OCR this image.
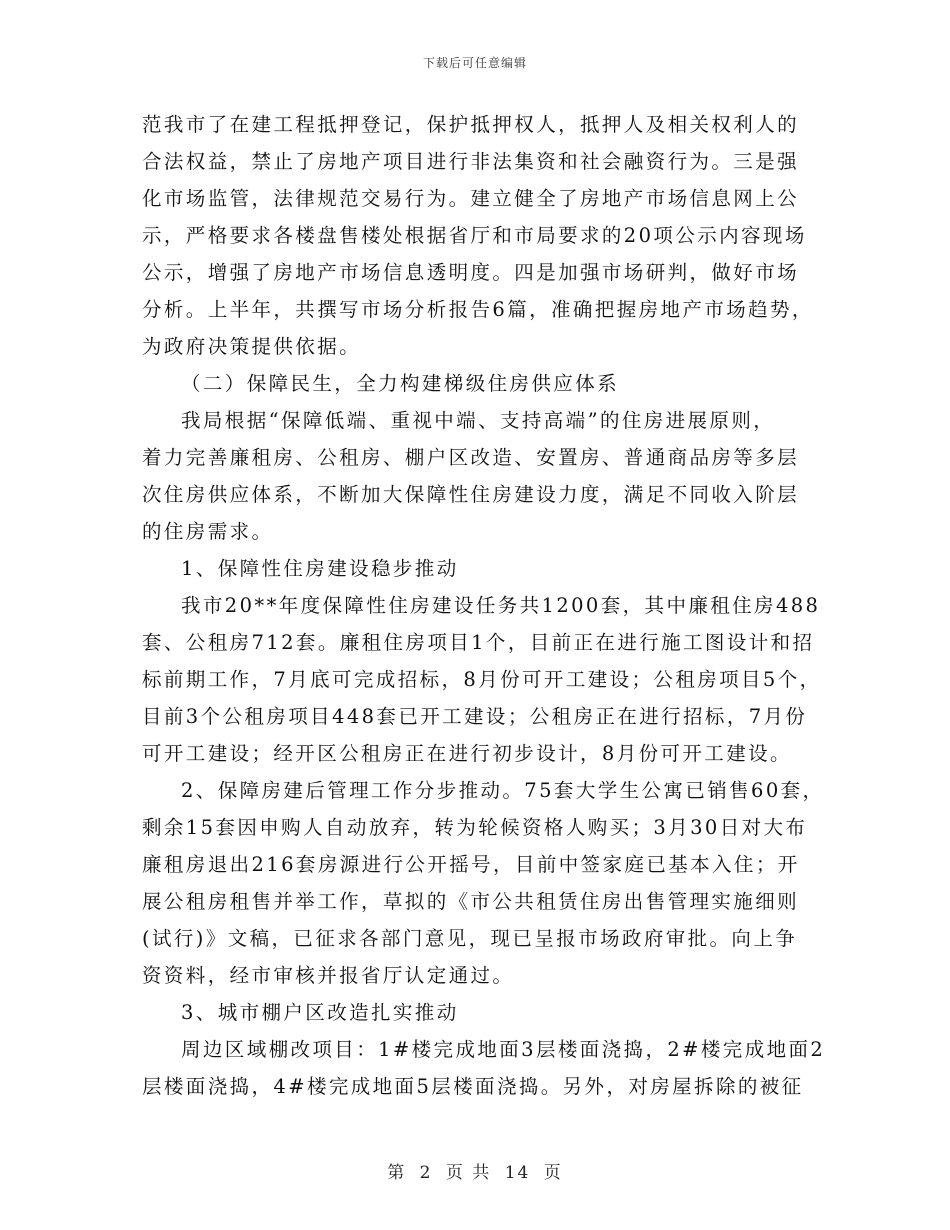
下载后可任意编辑

范我市了在建工程抵押登记，保护抵押权人，抵押人及相关权利人的
合法权益，禁止了房地产项目进行非法集资和社会融资行为。三是强
化市场监管，法律规范交易行为。建立健全了房地产市场信息网上公
示，严格要求各楼盘售楼处根据省厅和市局要求的20项公示内容现场
公示，增强了房地产市场信息透明度。四是加强市场研判，做好市场
分析。上半年，共撰写市场分析报告6篇，准确把握房地产市场趋势，
为政府决策提供依据。

（二）保障民生，全力构建梯级住房供应体系

我局根据“保障低端、重视中端、支持高端”的住房进展原则，
着力完善廉租房、公租房、棚户区改造、安置房、普通商品房等多层
次住房供应体系，不断加大保障性住房建设力度，满足不同收入阶层
的住房需求。

1、保障性住房建设稳步推动

我市20**年度保障性住房建设任务共1200套，其中廉租住房488
套、公租房712套。廉租住房项目1个，目前正在进行施工图设计和招
标前期工作，7月底可完成招标，8月份可开工建设；公租房项目5个，
目前3个公租房项目448套已开工建设；公租房正在进行招标，7月份
可开工建设；经开区公租房正在进行初步设计，8月份可开工建设。

2、保障房建后管理工作分步推动。75套大学生公寓已销售60套，
剩余15套因申购人自动放弃，转为轮候资格人购买；3月30日对大布
廉租房退出216套房源进行公开摇号，目前中签家庭已基本入住；开
展公租房租售并举工作，草拟的《市公共租赁住房出售管理实施细则
(试行)》文稿，已征求各部门意见，现已呈报市场政府审批。向上争
资资料，经市审核并报省厅认定通过。

3、城市棚户区改造扎实推动

周边区域棚改项目：1#楼完成地面3层楼面浇捣，2#楼完成地面2
层楼面浇捣，4#楼完成地面5层楼面浇捣。另外，对房屋拆除的被征

第 2 页 共 14 页
